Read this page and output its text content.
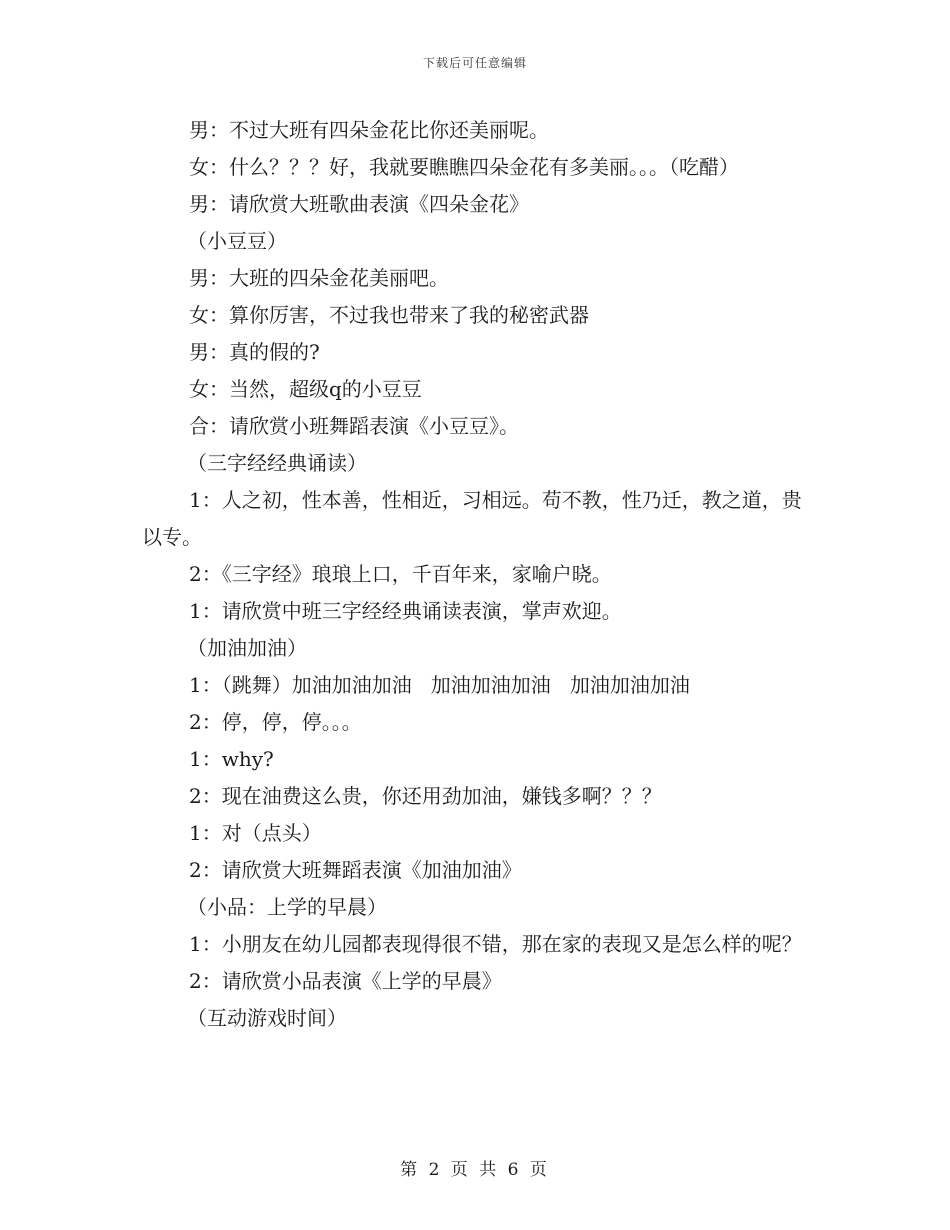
下载后可任意编辑

男：不过大班有四朵金花比你还美丽呢。

女：什么？？？好，我就要瞧瞧四朵金花有多美丽。。。（吃醋）

男：请欣赏大班歌曲表演《四朵金花》

（小豆豆）

男：大班的四朵金花美丽吧。

女：算你厉害，不过我也带来了我的秘密武器

男：真的假的?

女：当然，超级q的小豆豆

合：请欣赏小班舞蹈表演《小豆豆》。

（三字经经典诵读）

1：人之初，性本善，性相近，习相远。苟不教，性乃迁，教之道，贵以专。

2：《三字经》琅琅上口，千百年来，家喻户晓。

1：请欣赏中班三字经经典诵读表演，掌声欢迎。

（加油加油）

1：（跳舞）加油加油加油   加油加油加油   加油加油加油

2：停，停，停。。。

1：why?

2：现在油费这么贵，你还用劲加油，嫌钱多啊？？？

1：对（点头）

2：请欣赏大班舞蹈表演《加油加油》

（小品：上学的早晨）

1：小朋友在幼儿园都表现得很不错，那在家的表现又是怎么样的呢？

2：请欣赏小品表演《上学的早晨》

（互动游戏时间）

第 2 页 共 6 页
